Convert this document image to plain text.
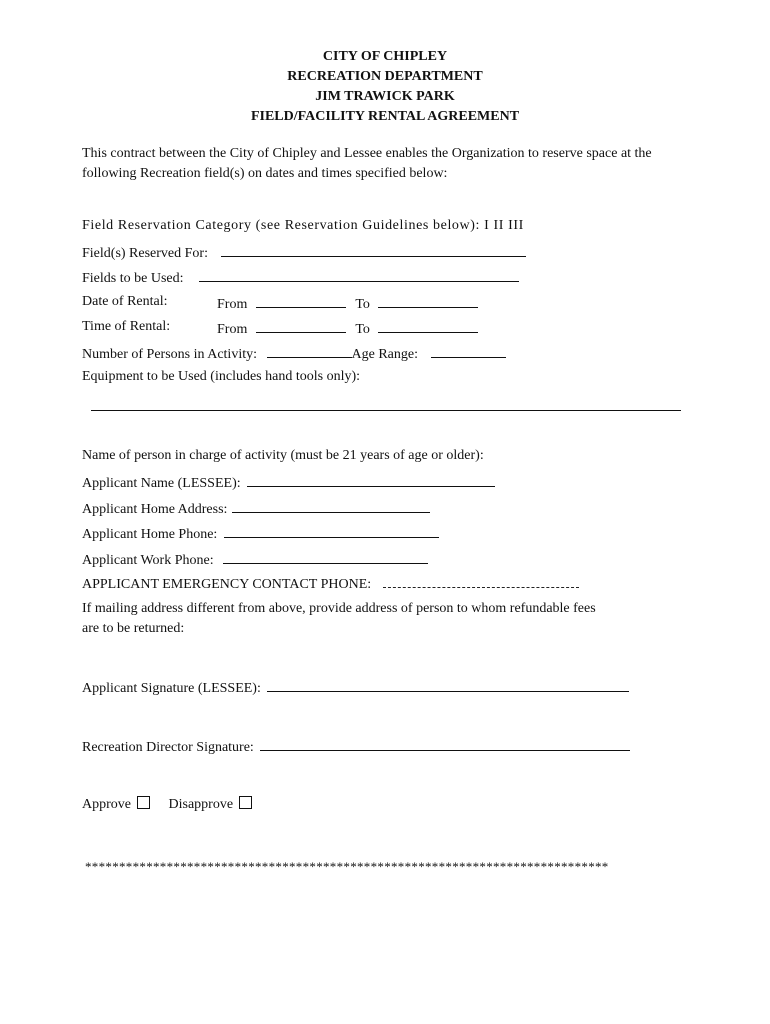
CITY OF CHIPLEY
RECREATION DEPARTMENT
JIM TRAWICK PARK
FIELD/FACILITY RENTAL AGREEMENT
This contract between the City of Chipley and Lessee enables the Organization to reserve space at the following Recreation field(s) on dates and times specified below:
Field Reservation Category (see Reservation Guidelines below): I II III
Field(s) Reserved For:
Fields to be Used:
Date of Rental:	From	To
Time of Rental:	From	To
Number of Persons in Activity:	Age Range:
Equipment to be Used (includes hand tools only):
Name of person in charge of activity (must be 21 years of age or older):
Applicant Name (LESSEE):
Applicant Home Address:
Applicant Home Phone:
Applicant Work Phone:
APPLICANT EMERGENCY CONTACT PHONE:
If mailing address different from above, provide address of person to whom refundable fees
are to be returned:
Applicant Signature (LESSEE):
Recreation Director Signature:
Approve	Disapprove
*****************************************************************************
